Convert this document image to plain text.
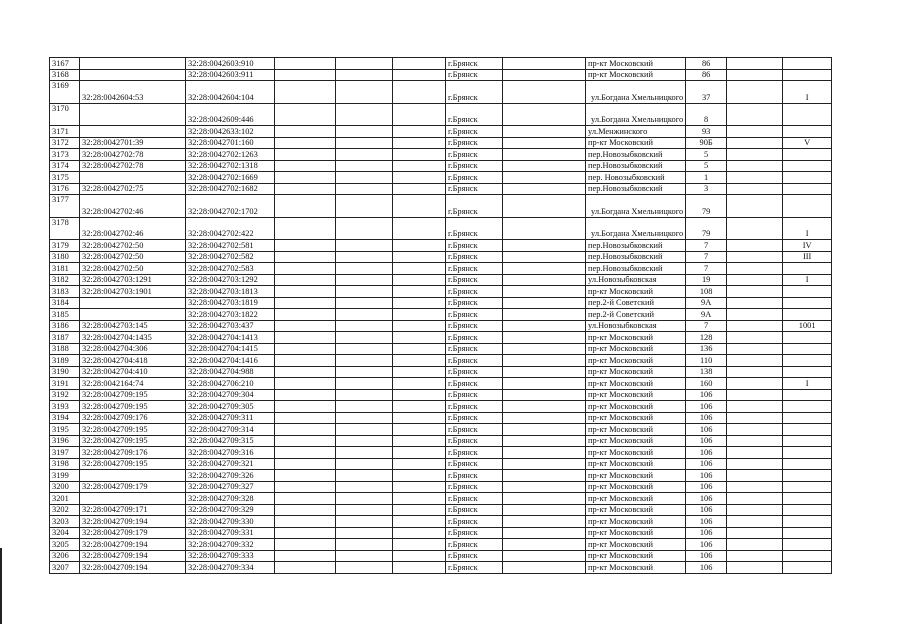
3167		32:28:0042603:910				г.Брянск		пр-кт Московский	86		
3168		32:28:0042603:911				г.Брянск		пр-кт Московский	86		
3169	32:28:0042604:53	32:28:0042604:104				г.Брянск		ул.Богдана Хмельницкого	37		I
3170		32:28:0042609:446				г.Брянск		ул.Богдана Хмельницкого	8		
3171		32:28:0042633:102				г.Брянск		ул.Менжинского	93		
3172	32:28:0042701:39	32:28:0042701:160				г.Брянск		пр-кт Московский	90Б		V
3173	32:28:0042702:78	32:28:0042702:1263				г.Брянск		пер.Новозыбковский	5		
3174	32:28:0042702:78	32:28:0042702:1318				г.Брянск		пер.Новозыбковский	5		
3175		32:28:0042702:1669				г.Брянск		пер. Новозыбковский	1		
3176	32:28:0042702:75	32:28:0042702:1682				г.Брянск		пер.Новозыбковский	3		
3177	32:28:0042702:46	32:28:0042702:1702				г.Брянск		ул.Богдана Хмельницкого	79		
3178	32:28:0042702:46	32:28:0042702:422				г.Брянск		ул.Богдана Хмельницкого	79		I
3179	32:28:0042702:50	32:28:0042702:581				г.Брянск		пер.Новозыбковский	7		IV
3180	32:28:0042702:50	32:28:0042702:582				г.Брянск		пер.Новозыбковский	7		III
3181	32:28:0042702:50	32:28:0042702:583				г.Брянск		пер.Новозыбковский	7		
3182	32:28:0042703:1291	32:28:0042703:1292				г.Брянск		ул.Новозыбковская	19		I
3183	32:28:0042703:1901	32:28:0042703:1813				г.Брянск		пр-кт Московский	108		
3184		32:28:0042703:1819				г.Брянск		пер.2-й Советский	9А		
3185		32:28:0042703:1822				г.Брянск		пер.2-й Советский	9А		
3186	32:28:0042703:145	32:28:0042703:437				г.Брянск		ул.Новозыбковская	7		1001
3187	32:28:0042704:1435	32:28:0042704:1413				г.Брянск		пр-кт Московский	128		
3188	32:28:0042704:306	32:28:0042704:1415				г.Брянск		пр-кт Московский	136		
3189	32:28:0042704:418	32:28:0042704:1416				г.Брянск		пр-кт Московский	110		
3190	32:28:0042704:410	32:28:0042704:988				г.Брянск		пр-кт Московский	138		
3191	32:28:0042164:74	32:28:0042706:210				г.Брянск		пр-кт Московский	160		I
3192	32:28:0042709:195	32:28:0042709:304				г.Брянск		пр-кт Московский	106		
3193	32:28:0042709:195	32:28:0042709:305				г.Брянск		пр-кт Московский	106		
3194	32:28:0042709:176	32:28:0042709:311				г.Брянск		пр-кт Московский	106		
3195	32:28:0042709:195	32:28:0042709:314				г.Брянск		пр-кт Московский	106		
3196	32:28:0042709:195	32:28:0042709:315				г.Брянск		пр-кт Московский	106		
3197	32:28:0042709:176	32:28:0042709:316				г.Брянск		пр-кт Московский	106		
3198	32:28:0042709:195	32:28:0042709:321				г.Брянск		пр-кт Московский	106		
3199		32:28:0042709:326				г.Брянск		пр-кт Московский	106		
3200	32:28:0042709:179	32:28:0042709:327				г.Брянск		пр-кт Московский	106		
3201		32:28:0042709:328				г.Брянск		пр-кт Московский	106		
3202	32:28:0042709:171	32:28:0042709:329				г.Брянск		пр-кт Московский	106		
3203	32:28:0042709:194	32:28:0042709:330				г.Брянск		пр-кт Московский	106		
3204	32:28:0042709:179	32:28:0042709:331				г.Брянск		пр-кт Московский	106		
3205	32:28:0042709:194	32:28:0042709:332				г.Брянск		пр-кт Московский	106		
3206	32:28:0042709:194	32:28:0042709:333				г.Брянск		пр-кт Московский	106		
3207	32:28:0042709:194	32:28:0042709:334				г.Брянск		пр-кт Московский	106		
